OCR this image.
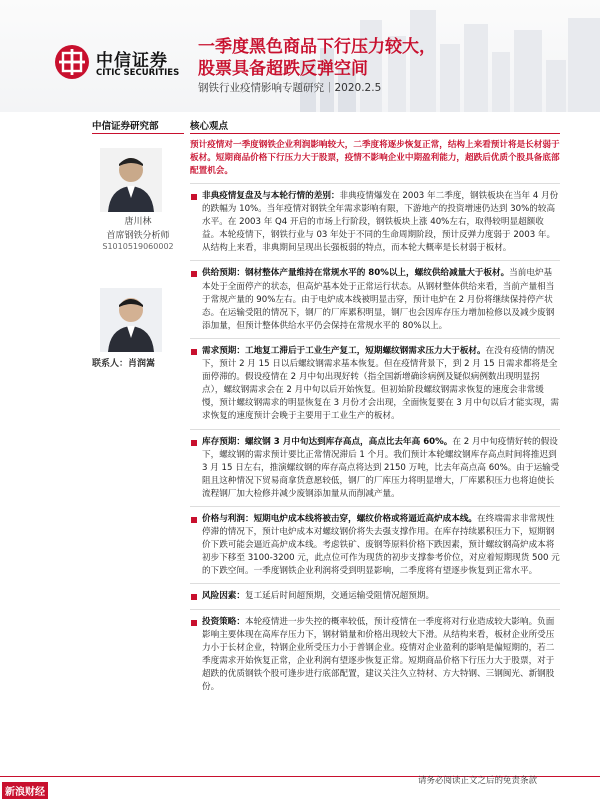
中信证券
CITIC SECURITIES
一季度黑色商品下行压力较大，
股票具备超跌反弹空间
钢铁行业疫情影响专题研究｜2020.2.5
中信证券研究部
唐川林
首席钢铁分析师
S1010519060002
联系人：肖润嵩
核心观点
预计疫情对一季度钢铁企业利润影响较大，二季度将逐步恢复正常，结构上来看预计将是长材弱于板材。短期商品价格下行压力大于股票，疫情不影响企业中期盈利能力，超跌后优质个股具备底部配置机会。
非典疫情复盘及与本轮行情的差别：非典疫情爆发在 2003 年二季度，钢铁板块在当年 4 月份的跌幅为 10%。当年疫情对钢铁全年需求影响有限，下游地产的投资增速仍达到 30%的较高水平。在 2003 年 Q4 开启的市场上行阶段，钢铁板块上涨 40%左右，取得较明显超额收益。本轮疫情下，钢铁行业与 03 年处于不同的生命周期阶段，预计反弹力度弱于 2003 年。从结构上来看，非典期间呈现出长强板弱的特点，而本轮大概率是长材弱于板材。
供给预期：钢材整体产量维持在常规水平的 80%以上，螺纹供给减量大于板材。当前电炉基本处于全面停产的状态，但高炉基本处于正常运行状态。从钢材整体供给来看，当前产量相当于常规产量的 90%左右。由于电炉成本线被明显击穿，预计电炉在 2 月份将继续保持停产状态。在运输受阻的情况下，钢厂的厂库累积明显，钢厂也会因库存压力增加检修以及减少废钢添加量，但预计整体供给水平仍会保持在常规水平的 80%以上。
需求预期：工地复工滞后于工业生产复工，短期螺纹钢需求压力大于板材。在没有疫情的情况下，预计 2 月 15 日以后螺纹钢需求基本恢复。但在疫情背景下，到 2 月 15 日需求都将是全面停滞的。假设疫情在 2 月中旬出现好转（指全国新增确诊病例及疑似病例数出现明显拐点），螺纹钢需求会在 2 月中旬以后开始恢复。但初始阶段螺纹钢需求恢复的速度会非常缓慢，预计螺纹钢需求的明显恢复在 3 月份才会出现，全面恢复要在 3 月中旬以后才能实现，需求恢复的速度预计会晚于主要用于工业生产的板材。
库存预期：螺纹钢 3 月中旬达到库存高点，高点比去年高 60%。在 2 月中旬疫情好转的假设下，螺纹钢的需求预计要比正常情况滞后 1 个月。我们预计本轮螺纹钢库存高点时间将推迟到 3 月 15 日左右，推演螺纹钢的库存高点将达到 2150 万吨，比去年高点高 60%。由于运输受阻且这种情况下贸易商拿货意愿较低，钢厂的厂库压力将明显增大，厂库累积压力也将迫使长流程钢厂加大检修并减少废钢添加量从而削减产量。
价格与利润：短期电炉成本线将被击穿，螺纹价格或将逼近高炉成本线。在终端需求非常规性停滞的情况下，预计电炉成本对螺纹钢价将失去强支撑作用。在库存持续累积压力下，短期钢价下跌可能会逼近高炉成本线。考虑铁矿、废钢等原料价格下跌因素，预计螺纹钢高炉成本将初步下移至 3100-3200 元，此点位可作为现货的初步支撑参考价位，对应着短期现货 500 元的下跌空间。一季度钢铁企业利润将受到明显影响，二季度将有望逐步恢复到正常水平。
风险因素：复工延后时间超预期，交通运输受阻情况超预期。
投资策略：本轮疫情进一步失控的概率较低，预计疫情在一季度将对行业造成较大影响。负面影响主要体现在高库存压力下，钢材销量和价格出现较大下滑。从结构来看，板材企业所受压力小于长材企业，特钢企业所受压力小于普钢企业。疫情对企业盈利的影响是偏短期的，若二季度需求开始恢复正常，企业利润有望逐步恢复正常。短期商品价格下行压力大于股票，对于超跌的优质钢铁个股可逢步进行底部配置，建议关注久立特材、方大特钢、三钢闽光、新钢股份。
新浪财经
请务必阅读正文之后的免责条款
